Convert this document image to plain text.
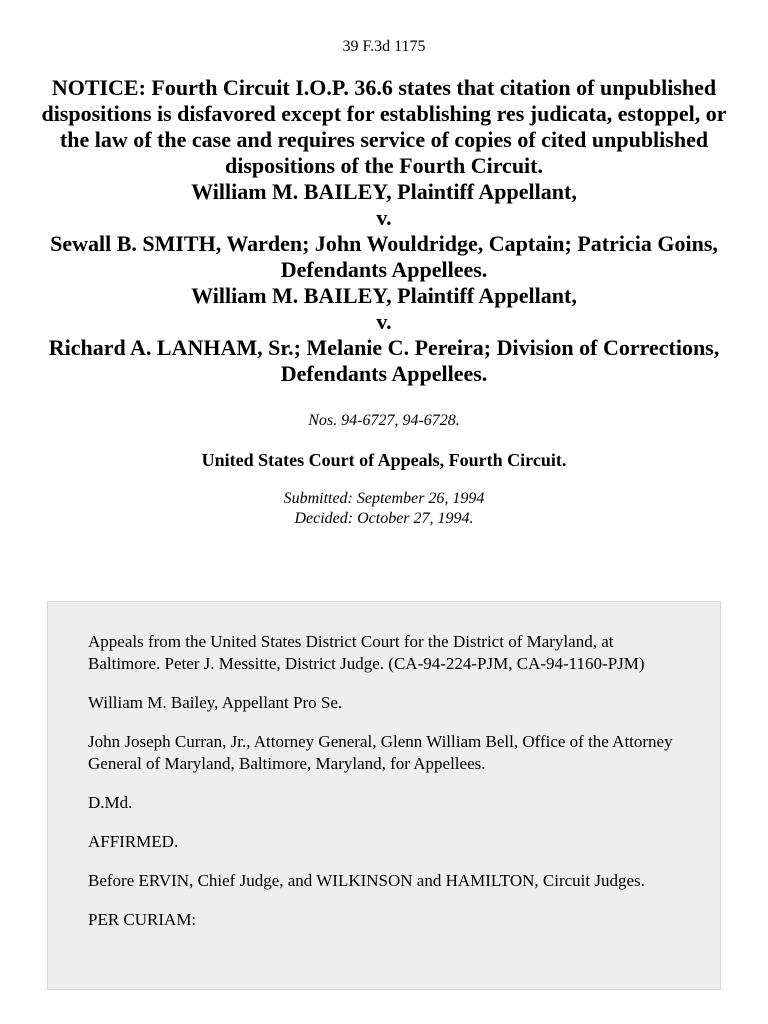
39 F.3d 1175
NOTICE: Fourth Circuit I.O.P. 36.6 states that citation of unpublished dispositions is disfavored except for establishing res judicata, estoppel, or the law of the case and requires service of copies of cited unpublished dispositions of the Fourth Circuit.
William M. BAILEY, Plaintiff Appellant,
v.
Sewall B. SMITH, Warden; John Wouldridge, Captain; Patricia Goins, Defendants Appellees.
William M. BAILEY, Plaintiff Appellant,
v.
Richard A. LANHAM, Sr.; Melanie C. Pereira; Division of Corrections, Defendants Appellees.
Nos. 94-6727, 94-6728.
United States Court of Appeals, Fourth Circuit.
Submitted: September 26, 1994
Decided: October 27, 1994.

Appeals from the United States District Court for the District of Maryland, at Baltimore. Peter J. Messitte, District Judge. (CA-94-224-PJM, CA-94-1160-PJM)

William M. Bailey, Appellant Pro Se.

John Joseph Curran, Jr., Attorney General, Glenn William Bell, Office of the Attorney General of Maryland, Baltimore, Maryland, for Appellees.

D.Md.

AFFIRMED.

Before ERVIN, Chief Judge, and WILKINSON and HAMILTON, Circuit Judges.

PER CURIAM:
